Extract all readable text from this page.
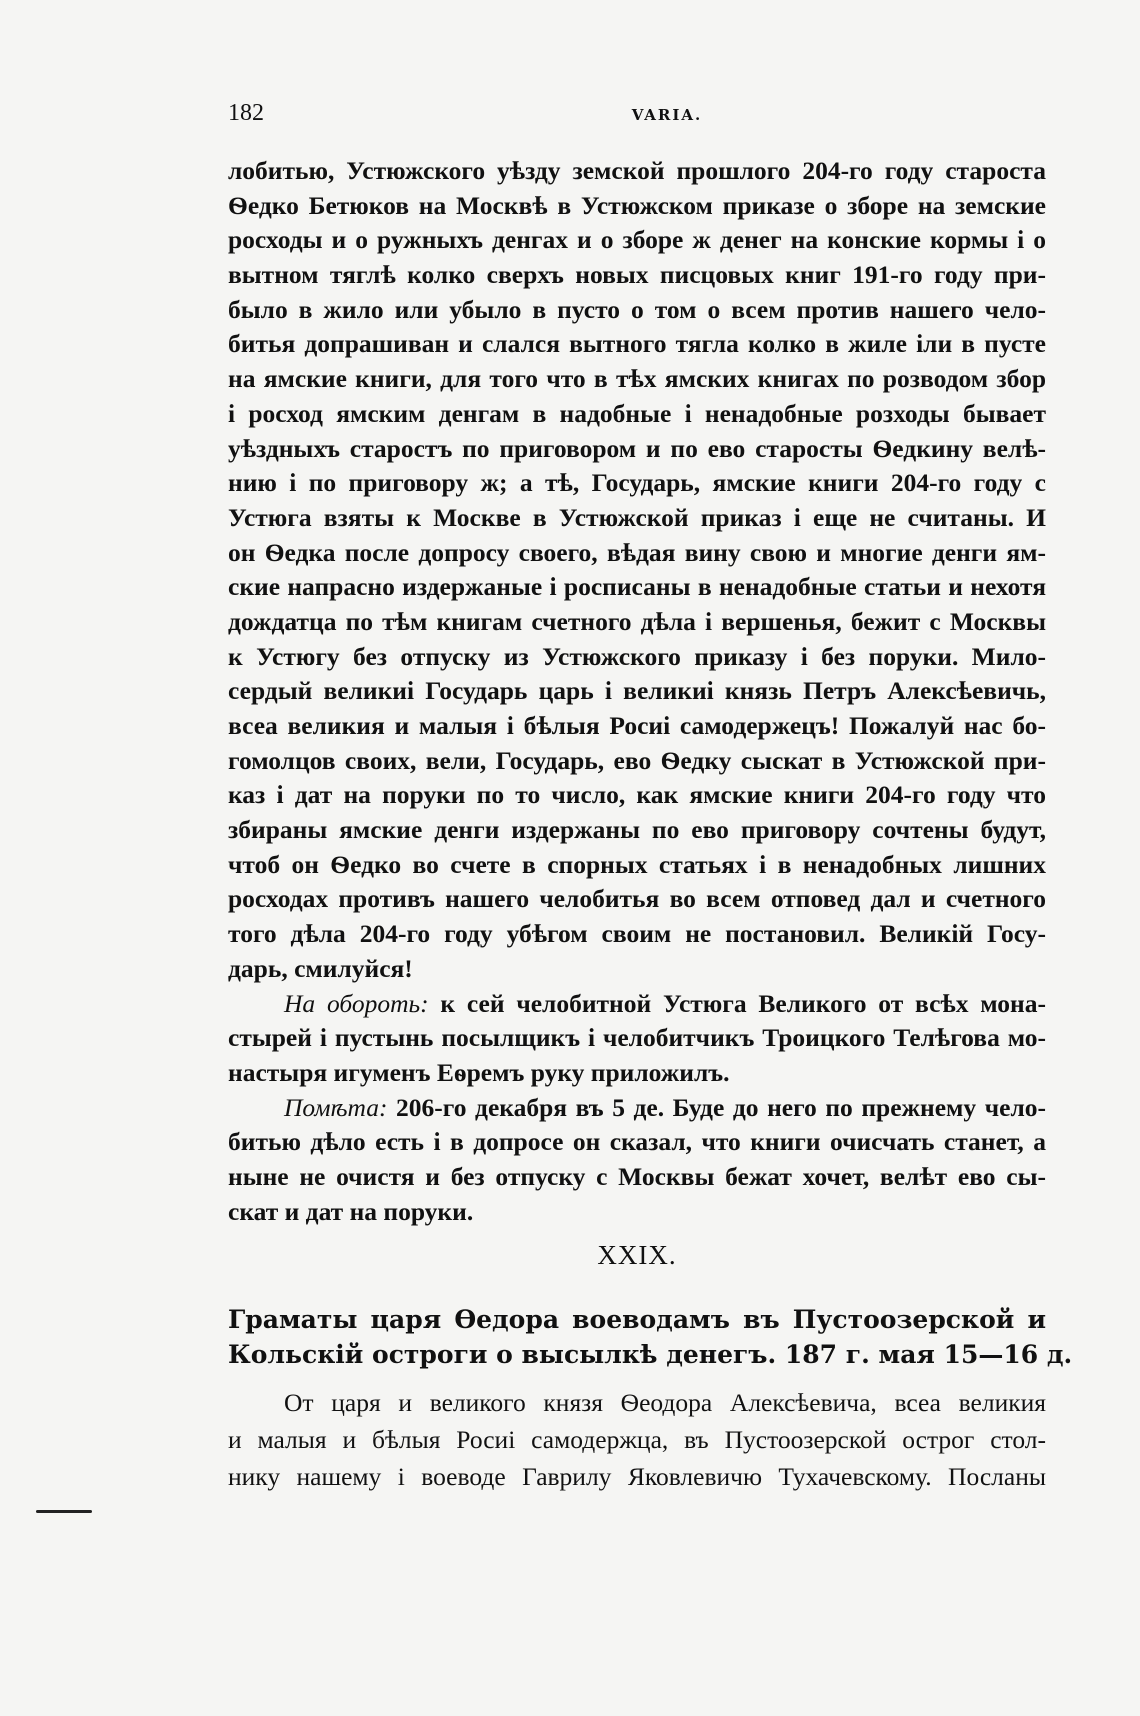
182	VARIA.
лобитью, Устюжского уѣзду земской прошлого 204-го году староста
Ѳедко Бетюков на Москвѣ в Устюжском приказе о зборе на земские
росходы и о ружныхъ денгах и о зборе ж денег на конские кормы і о
вытном тяглѣ колко сверхъ новых писцовых книг 191-го году при-
было в жило или убыло в пусто о том о всем против нашего чело-
битья допрашиван и слался вытного тягла колко в жиле іли в пусте
на ямские книги, для того что в тѣх ямских книгах по розводом збор
і росход ямским денгам в надобные і ненадобные розходы бывает
уѣздныхъ старостъ по приговором и по ево старосты Ѳедкину велѣ-
нию і по приговору ж; а тѣ, Государь, ямские книги 204-го году с
Устюга взяты к Москве в Устюжской приказ і еще не считаны. И
он Ѳедка после допросу своего, вѣдая вину свою и многие денги ям-
ские напрасно издержаные і росписаны в ненадобные статьи и нехотя
дождатца по тѣм книгам счетного дѣла і вершенья, бежит с Москвы
к Устюгу без отпуску из Устюжского приказу і без поруки. Мило-
сердый великиі Государь царь і великиі князь Петръ Алексѣевичь,
всеа великия и малыя і бѣлыя Росиі самодержецъ! Пожалуй нас бо-
гомолцов своих, вели, Государь, ево Ѳедку сыскат в Устюжской при-
каз і дат на поруки по то число, как ямские книги 204-го году что
збираны ямские денги издержаны по ево приговору сочтены будут,
чтоб он Ѳедко во счете в спорных статьях і в ненадобных лишних
росходах противъ нашего челобитья во всем отповед дал и счетного
того дѣла 204-го году убѣгом своим не постановил. Великій Госу-
дарь, смилуйся!
На обороть: к сей челобитной Устюга Великого от всѣх мона-
стырей і пустынь посылщикъ і челобитчикъ Троицкого Телѣгова мо-
настыря игуменъ Еѳремъ руку приложилъ.
Помѣта: 206-го декабря въ 5 де. Буде до него по прежнему чело-
битью дѣло есть і в допросе он сказал, что книги очисчать станет, а
ныне не очистя и без отпуску с Москвы бежат хочет, велѣт ево сы-
скат и дат на поруки.
XXIX.
Граматы царя Ѳедора воеводамъ въ Пустоозерской и
Кольскій остроги о высылкѣ денегъ. 187 г. мая 15—16 д.
От царя и великого князя Ѳеодора Алексѣевича, всеа великия
и малыя и бѣлыя Росиі самодержца, въ Пустоозерской острог стол-
нику нашему і воеводе Гаврилу Яковлевичю Тухачевскому. Посланы
